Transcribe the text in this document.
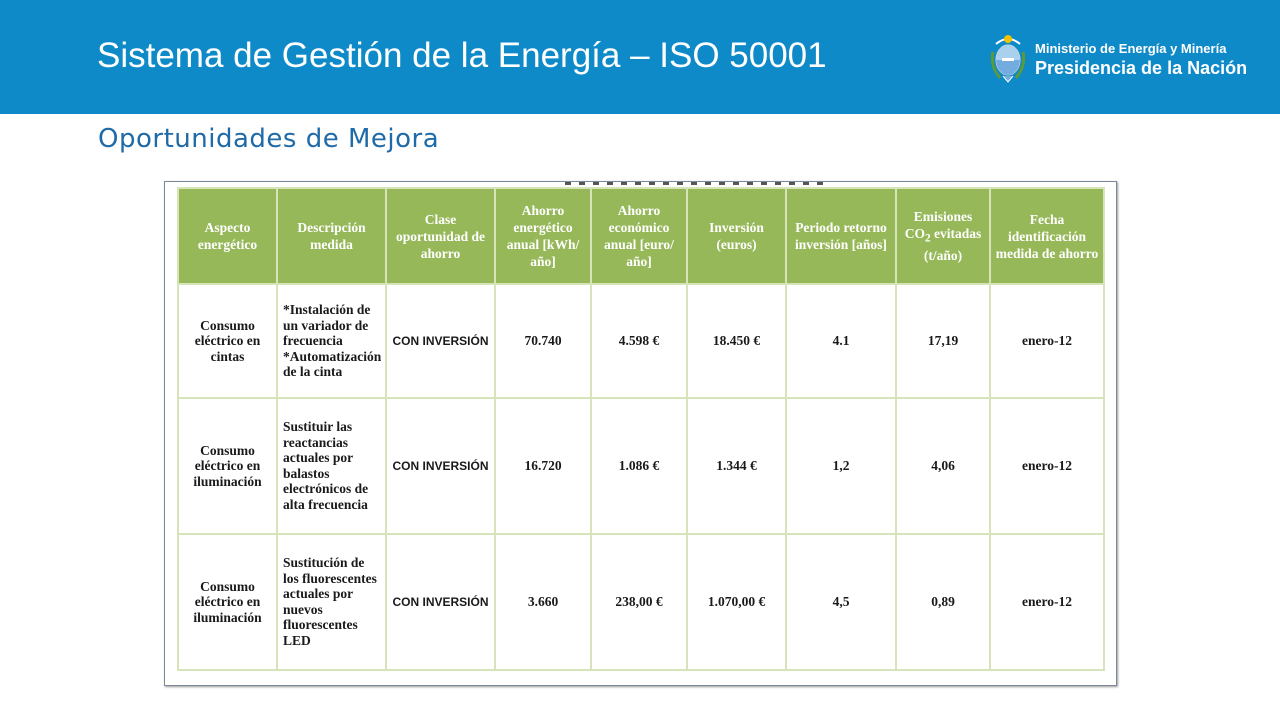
Sistema de Gestión de la Energía – ISO 50001	Ministerio de Energía y Minería
Presidencia de la Nación
Oportunidades de Mejora
Aspecto energético	Descripción medida	Clase oportunidad de ahorro	Ahorro energético anual [kWh/ año]	Ahorro económico anual [euro/ año]	Inversión (euros)	Periodo retorno inversión [años]	Emisiones $CO_2$ evitadas (t/año)	Fecha identificación medida de ahorro
Consumo eléctrico en cintas	*Instalación de un variador de frecuencia *Automatización de la cinta	CON INVERSIÓN	70.740	4.598 €	18.450 €	4.1	17,19	enero-12
Consumo eléctrico en iluminación	Sustituir las reactancias actuales por balastos electrónicos de alta frecuencia	CON INVERSIÓN	16.720	1.086 €	1.344 €	1,2	4,06	enero-12
Consumo eléctrico en iluminación	Sustitución de los fluorescentes actuales por nuevos fluorescentes LED	CON INVERSIÓN	3.660	238,00 €	1.070,00 €	4,5	0,89	enero-12
